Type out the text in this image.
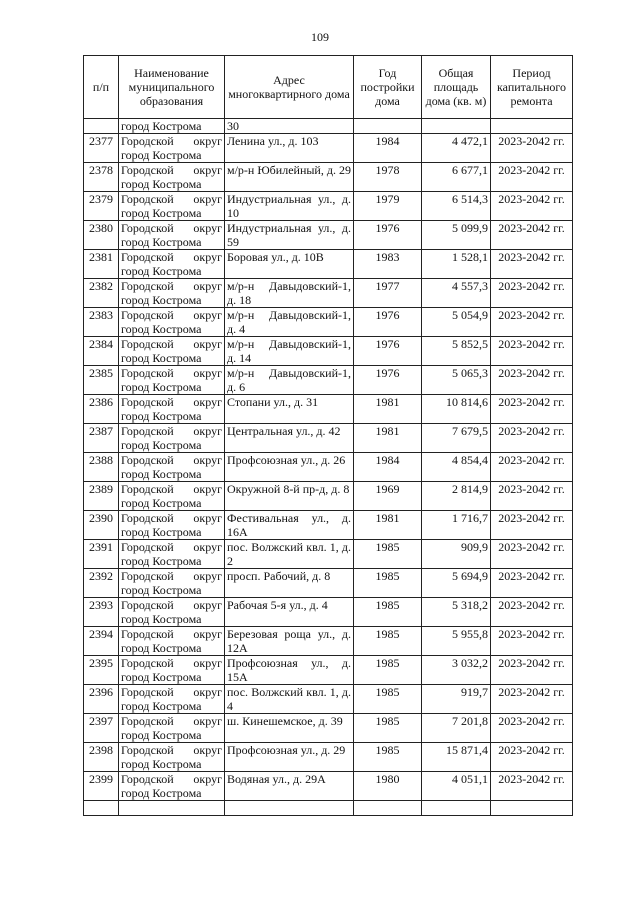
109
п/п	Наименование муниципального образования	Адрес многоквартирного дома	Год постройки дома	Общая площадь дома (кв. м)	Период капитального ремонта
	город Кострома	30			
2377	Городской округ город Кострома	Ленина ул., д. 103	1984	4 472,1	2023-2042 гг.
2378	Городской округ город Кострома	м/р-н Юбилейный, д. 29	1978	6 677,1	2023-2042 гг.
2379	Городской округ город Кострома	Индустриальная ул., д. 10	1979	6 514,3	2023-2042 гг.
2380	Городской округ город Кострома	Индустриальная ул., д. 59	1976	5 099,9	2023-2042 гг.
2381	Городской округ город Кострома	Боровая ул., д. 10В	1983	1 528,1	2023-2042 гг.
2382	Городской округ город Кострома	м/р-н Давыдовский-1, д. 18	1977	4 557,3	2023-2042 гг.
2383	Городской округ город Кострома	м/р-н Давыдовский-1, д. 4	1976	5 054,9	2023-2042 гг.
2384	Городской округ город Кострома	м/р-н Давыдовский-1, д. 14	1976	5 852,5	2023-2042 гг.
2385	Городской округ город Кострома	м/р-н Давыдовский-1, д. 6	1976	5 065,3	2023-2042 гг.
2386	Городской округ город Кострома	Стопани ул., д. 31	1981	10 814,6	2023-2042 гг.
2387	Городской округ город Кострома	Центральная ул., д. 42	1981	7 679,5	2023-2042 гг.
2388	Городской округ город Кострома	Профсоюзная ул., д. 26	1984	4 854,4	2023-2042 гг.
2389	Городской округ город Кострома	Окружной 8-й пр-д, д. 8	1969	2 814,9	2023-2042 гг.
2390	Городской округ город Кострома	Фестивальная ул., д. 16А	1981	1 716,7	2023-2042 гг.
2391	Городской округ город Кострома	пос. Волжский квл. 1, д. 2	1985	909,9	2023-2042 гг.
2392	Городской округ город Кострома	просп. Рабочий, д. 8	1985	5 694,9	2023-2042 гг.
2393	Городской округ город Кострома	Рабочая 5-я ул., д. 4	1985	5 318,2	2023-2042 гг.
2394	Городской округ город Кострома	Березовая роща ул., д. 12А	1985	5 955,8	2023-2042 гг.
2395	Городской округ город Кострома	Профсоюзная ул., д. 15А	1985	3 032,2	2023-2042 гг.
2396	Городской округ город Кострома	пос. Волжский квл. 1, д. 4	1985	919,7	2023-2042 гг.
2397	Городской округ город Кострома	ш. Кинешемское, д. 39	1985	7 201,8	2023-2042 гг.
2398	Городской округ город Кострома	Профсоюзная ул., д. 29	1985	15 871,4	2023-2042 гг.
2399	Городской округ город Кострома	Водяная ул., д. 29А	1980	4 051,1	2023-2042 гг.
